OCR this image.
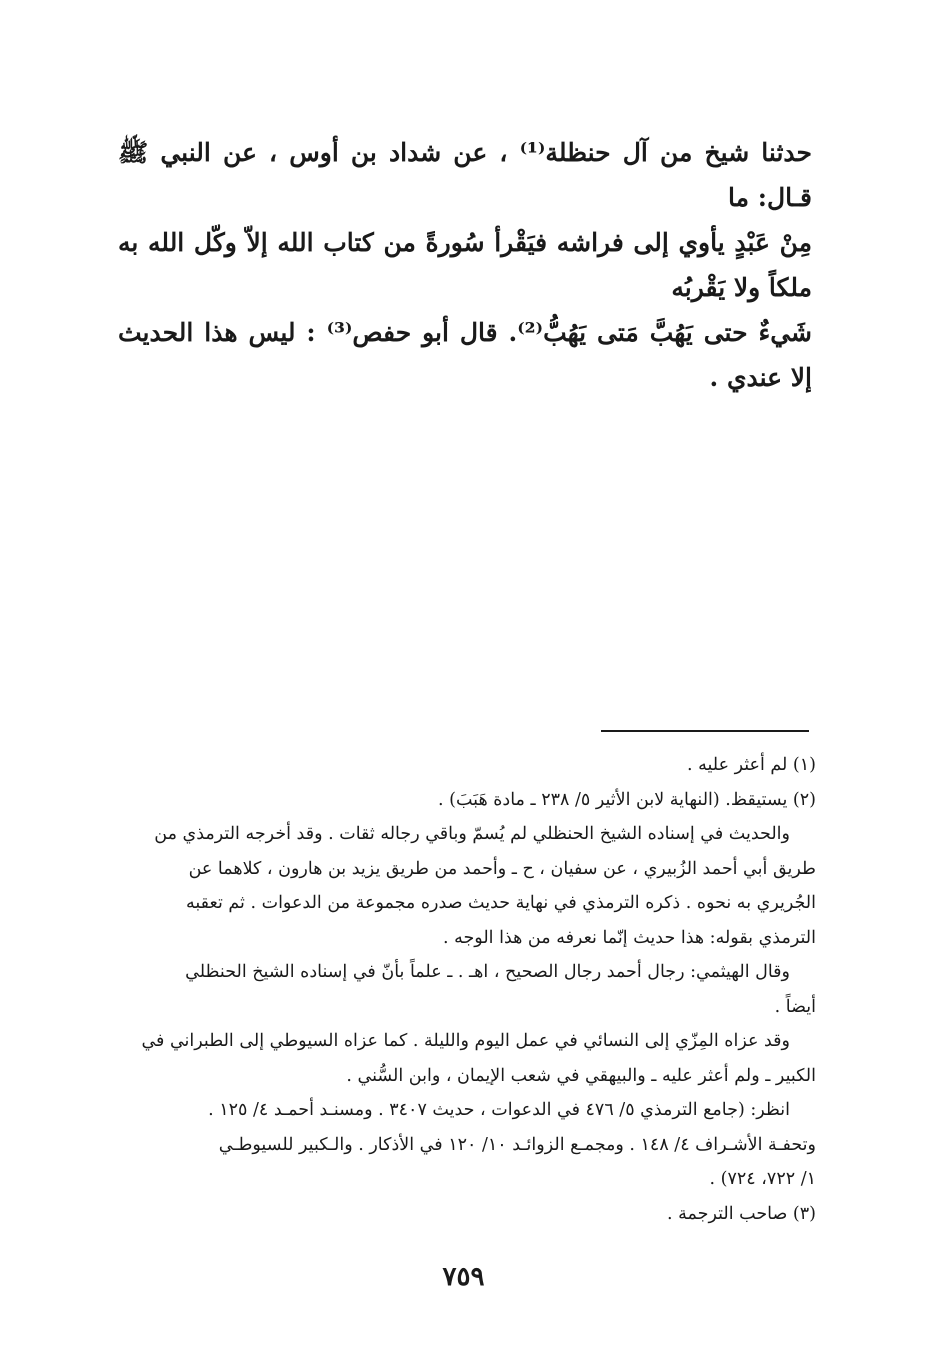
حدثنا شيخ من آل حنظلة⁽¹⁾ ، عن شداد بن أوس ، عن النبي ﷺ قـال: ما

مِنْ عَبْدٍ يأوي إلى فراشه فيَقْرأ سُورةً من كتاب الله إلاّ وكّل الله به ملكاً ولا يَقْربُه

شَيءٌ حتى يَهُبَّ مَتى يَهُبُّ⁽²⁾. قال أبو حفص⁽³⁾ : ليس هذا الحديث إلا عندي .

(١) لم أعثر عليه .

(٢) يستيقظ. (النهاية لابن الأثير ٥/ ٢٣٨ ـ مادة هَبَبَ) .

والحديث في إسناده الشيخ الحنظلي لم يُسمّ وباقي رجاله ثقات . وقد أخرجه الترمذي من

طريق أبي أحمد الزُبيري ، عن سفيان ، ح ـ وأحمد من طريق يزيد بن هارون ، كلاهما عن

الجُريري به نحوه . ذكره الترمذي في نهاية حديث صدره مجموعة من الدعوات . ثم تعقبه

الترمذي بقوله: هذا حديث إنّما نعرفه من هذا الوجه .

وقال الهيثمي: رجال أحمد رجال الصحيح ، اهـ . ـ علماً بأنّ في إسناده الشيخ الحنظلي

أيضاً .

وقد عزاه المِزّي إلى النسائي في عمل اليوم والليلة . كما عزاه السيوطي إلى الطبراني في

الكبير ـ ولم أعثر عليه ـ والبيهقي في شعب الإيمان ، وابن السُّني .

انظر: (جامع الترمذي ٥/ ٤٧٦ في الدعوات ، حديث ٣٤٠٧ . ومسنـد أحمـد ٤/ ١٢٥ .

وتحفـة الأشـراف ٤/ ١٤٨ . ومجمـع الزوائـد ١٠/ ١٢٠ في الأذكار . والـكبير للسيوطـي

١/ ٧٢٢، ٧٢٤) .

(٣) صاحب الترجمة .

٧٥٩
